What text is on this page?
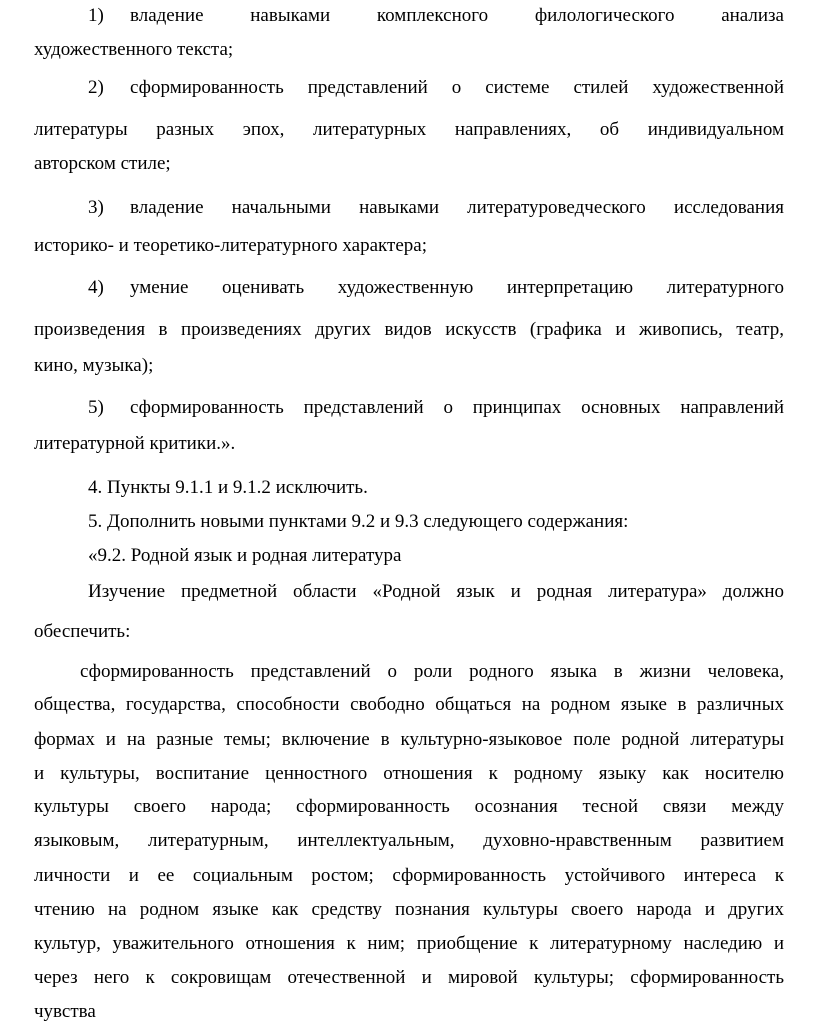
1) владение навыками комплексного филологического анализа
художественного текста;
2) сформированность представлений о системе стилей художественной
литературы разных эпох, литературных направлениях, об индивидуальном
авторском стиле;
3) владение начальными навыками литературоведческого исследования
историко- и теоретико-литературного характера;
4) умение оценивать художественную интерпретацию литературного
произведения в произведениях других видов искусств (графика и живопись, театр,
кино, музыка);
5) сформированность представлений о принципах основных направлений
литературной критики.».
4. Пункты 9.1.1 и 9.1.2 исключить.
5. Дополнить новыми пунктами 9.2 и 9.3 следующего содержания:
«9.2. Родной язык и родная литература
Изучение предметной области «Родной язык и родная литература» должно
обеспечить:
сформированность представлений о роли родного языка в жизни человека,
общества, государства, способности свободно общаться на родном языке в различных
формах и на разные темы; включение в культурно-языковое поле родной литературы
и культуры, воспитание ценностного отношения к родному языку как носителю
культуры своего народа; сформированность осознания тесной связи между
языковым, литературным, интеллектуальным, духовно-нравственным развитием
личности и ее социальным ростом; сформированность устойчивого интереса к
чтению на родном языке как средству познания культуры своего народа и других
культур, уважительного отношения к ним; приобщение к литературному наследию и
через него к сокровищам отечественной и мировой культуры; сформированность
чувства
